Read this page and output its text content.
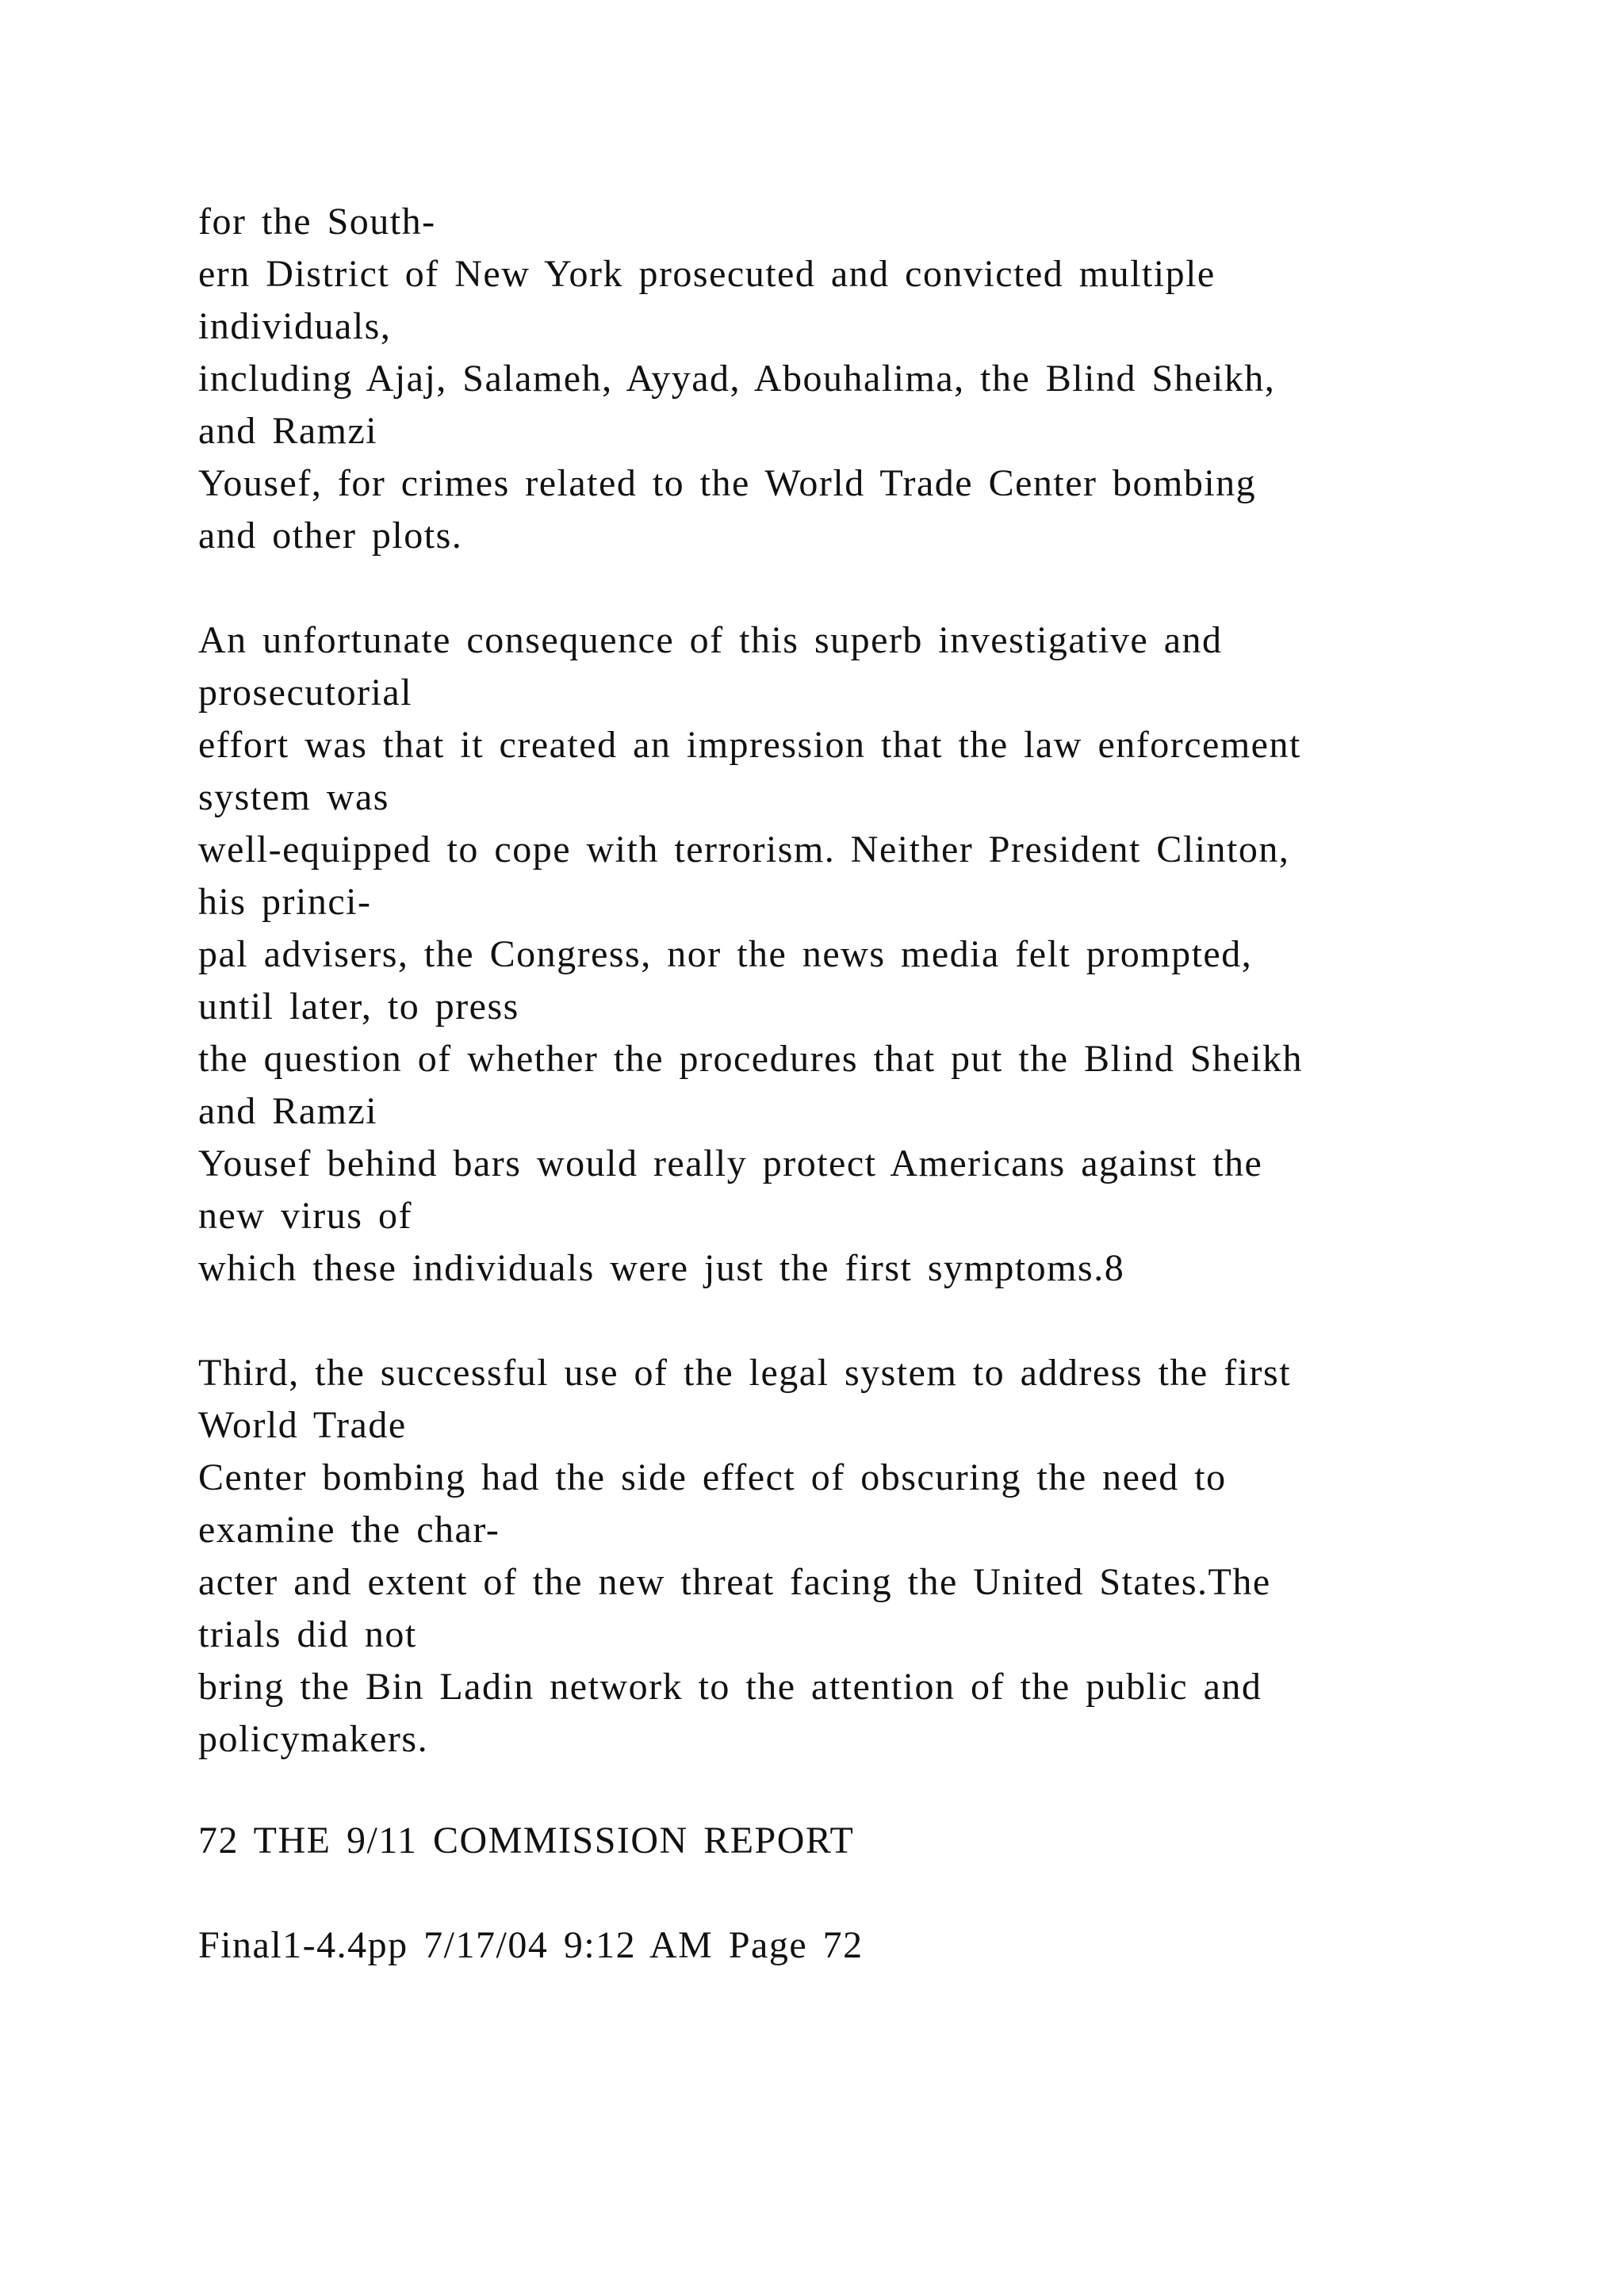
for the South-
ern District of New York prosecuted and convicted multiple
individuals,
including Ajaj, Salameh, Ayyad, Abouhalima, the Blind Sheikh,
and Ramzi
Yousef, for crimes related to the World Trade Center bombing
and other plots.
An unfortunate consequence of this superb investigative and
prosecutorial
effort was that it created an impression that the law enforcement
system was
well-equipped to cope with terrorism. Neither President Clinton,
his princi-
pal advisers, the Congress, nor the news media felt prompted,
until later, to press
the question of whether the procedures that put the Blind Sheikh
and Ramzi
Yousef behind bars would really protect Americans against the
new virus of
which these individuals were just the first symptoms.8
Third, the successful use of the legal system to address the first
World Trade
Center bombing had the side effect of obscuring the need to
examine the char-
acter and extent of the new threat facing the United States.The
trials did not
bring the Bin Ladin network to the attention of the public and
policymakers.
72 THE 9/11 COMMISSION REPORT
Final1-4.4pp 7/17/04 9:12 AM Page 72
